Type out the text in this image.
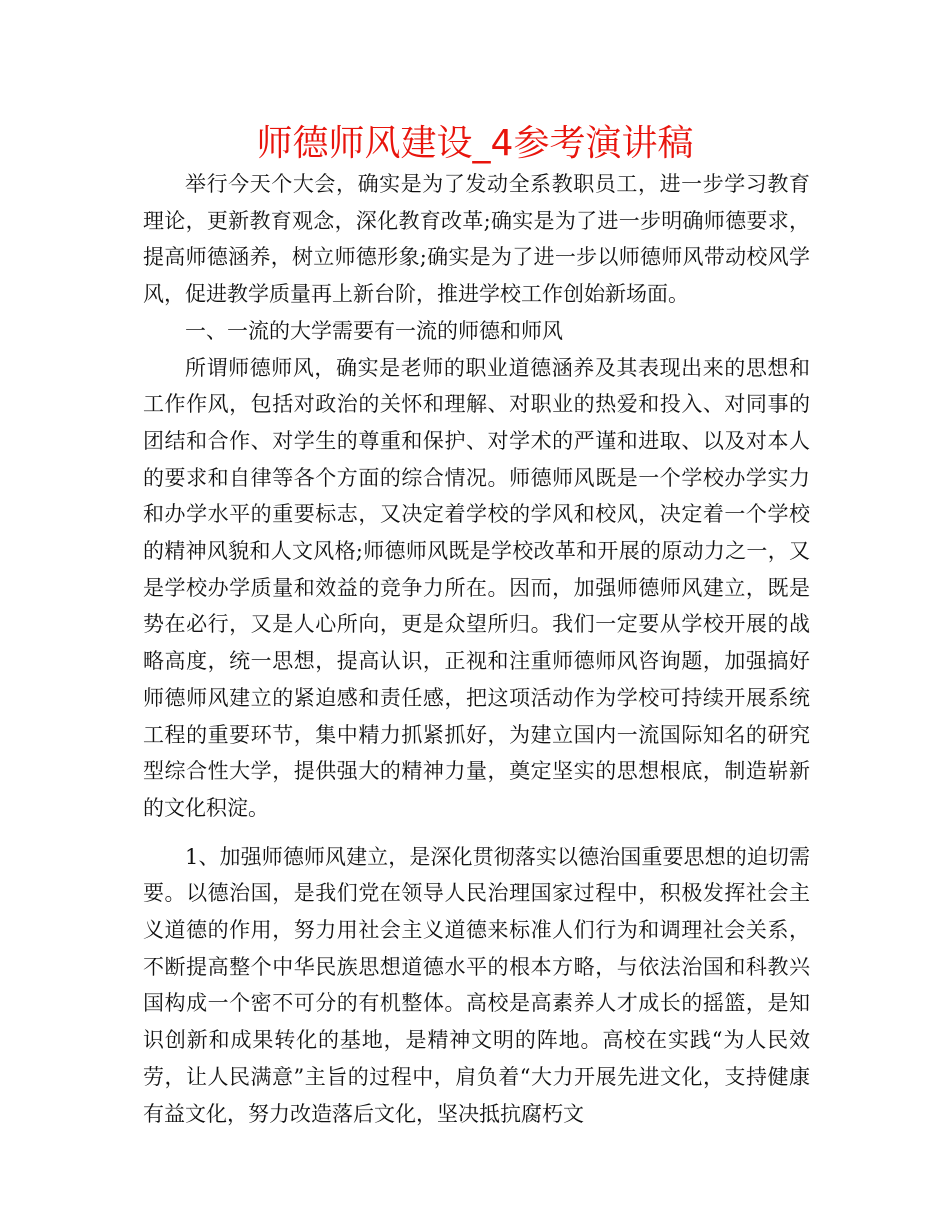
师德师风建设_4参考演讲稿

举行今天个大会，确实是为了发动全系教职员工，进一步学习教育理论，更新教育观念，深化教育改革;确实是为了进一步明确师德要求，提高师德涵养，树立师德形象;确实是为了进一步以师德师风带动校风学风，促进教学质量再上新台阶，推进学校工作创始新场面。

一、一流的大学需要有一流的师德和师风

所谓师德师风，确实是老师的职业道德涵养及其表现出来的思想和工作作风，包括对政治的关怀和理解、对职业的热爱和投入、对同事的团结和合作、对学生的尊重和保护、对学术的严谨和进取、以及对本人的要求和自律等各个方面的综合情况。师德师风既是一个学校办学实力和办学水平的重要标志，又决定着学校的学风和校风，决定着一个学校的精神风貌和人文风格;师德师风既是学校改革和开展的原动力之一，又是学校办学质量和效益的竞争力所在。因而，加强师德师风建立，既是势在必行，又是人心所向，更是众望所归。我们一定要从学校开展的战略高度，统一思想，提高认识，正视和注重师德师风咨询题，加强搞好师德师风建立的紧迫感和责任感，把这项活动作为学校可持续开展系统工程的重要环节，集中精力抓紧抓好，为建立国内一流国际知名的研究型综合性大学，提供强大的精神力量，奠定坚实的思想根底，制造崭新的文化积淀。

1、加强师德师风建立，是深化贯彻落实以德治国重要思想的迫切需要。以德治国，是我们党在领导人民治理国家过程中，积极发挥社会主义道德的作用，努力用社会主义道德来标准人们行为和调理社会关系，不断提高整个中华民族思想道德水平的根本方略，与依法治国和科教兴国构成一个密不可分的有机整体。高校是高素养人才成长的摇篮，是知识创新和成果转化的基地，是精神文明的阵地。高校在实践“为人民效劳，让人民满意”主旨的过程中，肩负着“大力开展先进文化，支持健康有益文化，努力改造落后文化，坚决抵抗腐朽文
